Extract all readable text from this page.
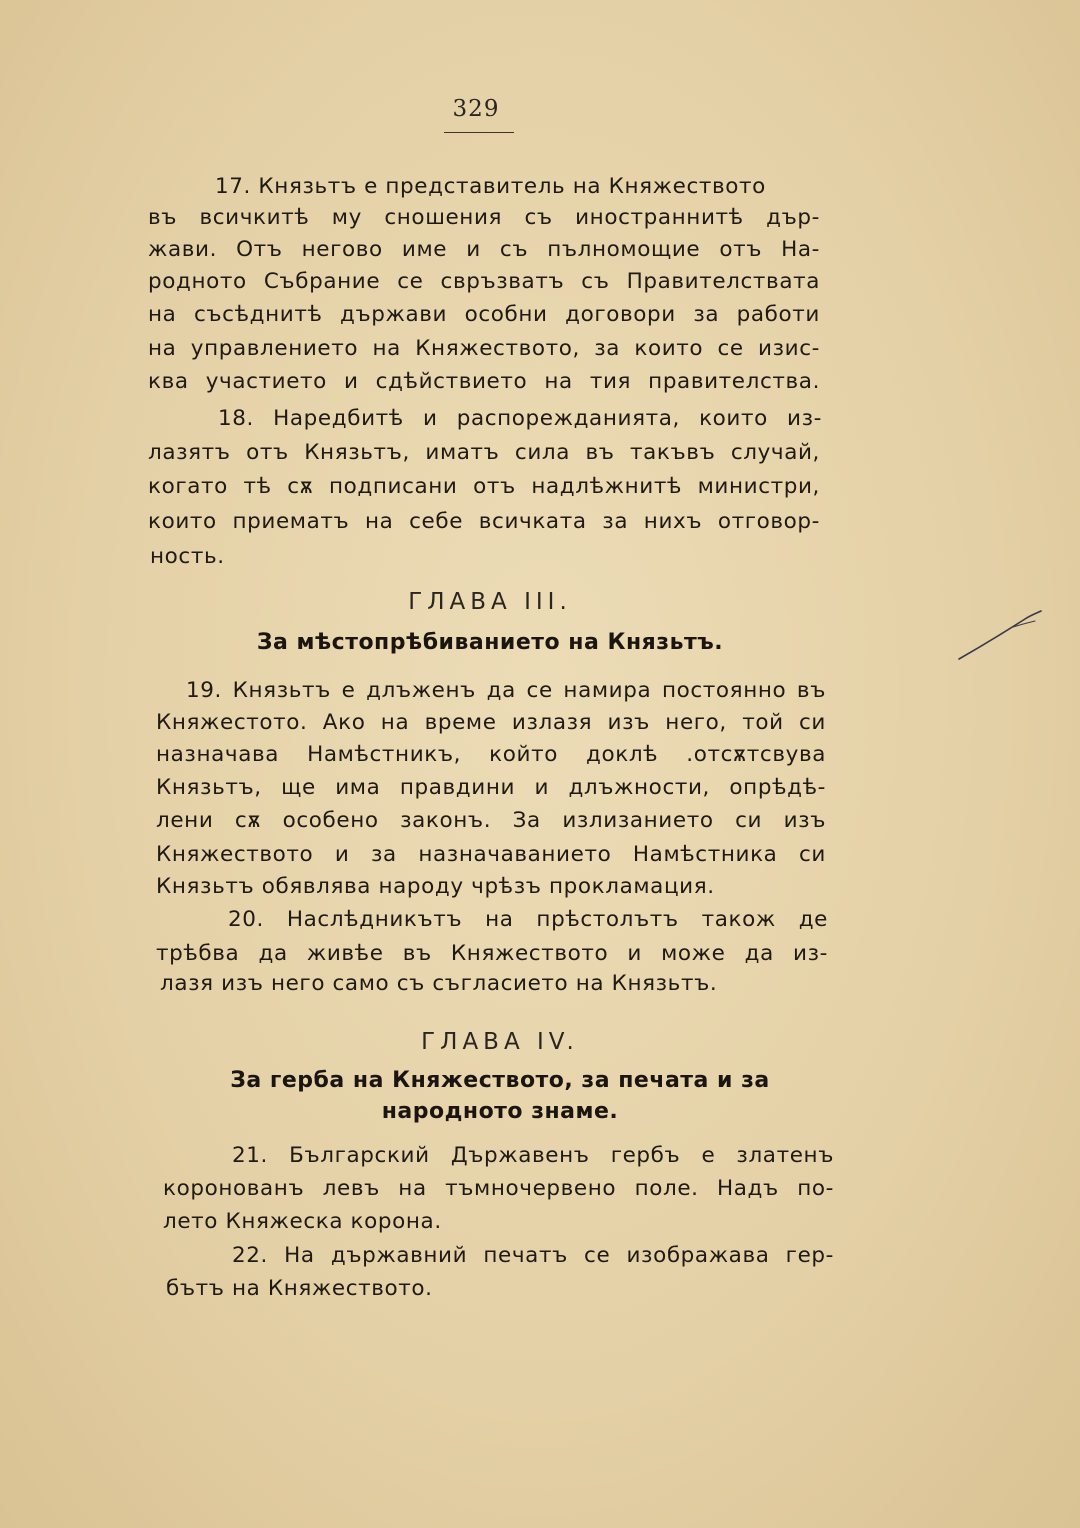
329
17. Князьтъ е представитель на Княжеството
въ всичкитѣ му сношения съ иностраннитѣ дър-
жави. Отъ негово име и съ пълномощие отъ На-
родното Събрание се свръзватъ съ Правителствата
на съсѣднитѣ държави особни договори за работи
на управлението на Княжеството, за които се изис-
ква участието и сдѣйствието на тия правителства.
18. Наредбитѣ и распорежданията, които из-
лазятъ отъ Князьтъ, иматъ сила въ такъвъ случай,
когато тѣ сѫ подписани отъ надлѣжнитѣ министри,
които приематъ на себе всичката за нихъ отговор-
ность.
ГЛАВА III.
За мѣстопрѣбиванието на Князьтъ.
19. Князьтъ е длъженъ да се намира постоянно въ
Княжестото. Ако на време излазя изъ него, той си
назначава Намѣстникъ, който доклѣ .отсѫтсвува
Князьтъ, ще има правдини и длъжности, опрѣдѣ-
лени сѫ особено законъ. За излизанието си изъ
Княжеството и за назначаванието Намѣстника си
Князьтъ обявлява народу чрѣзъ прокламация.
20. Наслѣдникътъ на прѣстолътъ також де
трѣбва да живѣе въ Княжеството и може да из-
лазя изъ него само съ съгласието на Князьтъ.
ГЛАВА IV.
За герба на Княжеството, за печата и за
народното знаме.
21. Българский Държавенъ гербъ е златенъ
коронованъ левъ на тъмночервено поле. Надъ по-
лето Княжеска корона.
22. На държавний печатъ се изображава гер-
бътъ на Княжеството.
